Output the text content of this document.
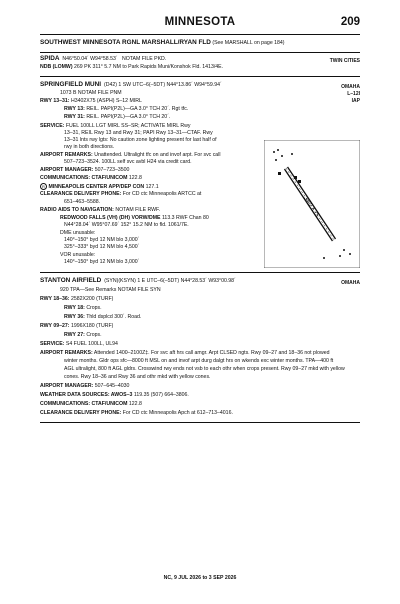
MINNESOTA	209
SOUTHWEST MINNESOTA RGNL MARSHALL/RYAN FLD (See MARSHALL on page 184)
SPIDA N46°50.04´ W94°58.53´ NOTAM FILE PKD.	TWIN CITIES
NDB (LOMW) 269 PK 311° 5.7 NM to Park Rapids Muni/Konshok Fld. 1413/4E.
SPRINGFIELD MUNI (D42) 1 SW UTC–6(–5DT) N44°13.86´ W94°59.94´	OMAHA
L–12I
IAP
1073 B NOTAM FILE PNM
RWY 13–31: H3402X75 (ASPH) S–12 MIRL
RWY 13: REIL. PAPI(P2L)—GA 3.0° TCH 20´. Rgt tfc.
RWY 31: REIL. PAPI(P2L)—GA 3.0° TCH 20´.
SERVICE: FUEL 100LL LGT MIRL SS–SR; ACTIVATE MIRL Rwy
13–31, REIL Rwy 13 and Rwy 31; PAPI Rwy 13–31—CTAF. Rwy
13–31 lnts rwy lgts: No caution zone lighting present for last half of
rwy in both directions.
AIRPORT REMARKS: Unattended. Ultralight tfc on and invof arpt. For svc call
507–723–3524. 100LL self svc avbl H24 via credit card.
AIRPORT MANAGER: 507–723–3500
COMMUNICATIONS: CTAF/UNICOM 122.8
R MINNEAPOLIS CENTER APP/DEP CON 127.1
CLEARANCE DELIVERY PHONE: For CD ctc Minneapolis ARTCC at
651–463–5588.
RADIO AIDS TO NAVIGATION: NOTAM FILE RWF.
REDWOOD FALLS (VH) (DH) VORW/DME 113.3 RWF Chan 80
N44°28.04´ W95°07.69´ 152° 15.2 NM to fld. 1061/7E.
DME unusable:
140°–150° byd 12 NM blo 3,000´
325°–333° byd 12 NM blo 4,500´
VOR unusable:
140°–150° byd 12 NM blo 3,000´
3402 X 75
STANTON AIRFIELD (SYN)(KSYN) 1 E UTC–6(–5DT) N44°28.53´ W93°00.98´	OMAHA
920 TPA—See Remarks NOTAM FILE SYN
RWY 18–36: 2582X200 (TURF)
RWY 18: Crops.
RWY 36: Thld dsplcd 300´. Road.
RWY 09–27: 1996X180 (TURF)
RWY 27: Crops.
SERVICE: S4 FUEL 100LL, UL94
AIRPORT REMARKS: Attended 1400–2100Z‡. For svc aft hrs call amgr. Arpt CLSED ngts. Rwy 09–27 and 18–36 not plowed
winter months. Gldr ops sfc—8000 ft MSL on and invof arpt durg dalgt hrs on wkends exc winter months. TPA—400 ft
AGL ultralight, 800 ft AGL gldrs. Crosswind rwy ends not vsb to each othr when crops present. Rwy 09–27 mkd with yellow
cones. Rwy 18–36 and Rwy 36 and othr mkd with yellow cones.
AIRPORT MANAGER: 507–645–4030
WEATHER DATA SOURCES: AWOS–3 119.35 (507) 664–3806.
COMMUNICATIONS: CTAF/UNICOM 122.8
CLEARANCE DELIVERY PHONE: For CD ctc Minneapolis Apch at 612–713–4016.
NC, 9 JUL 2026 to 3 SEP 2026
